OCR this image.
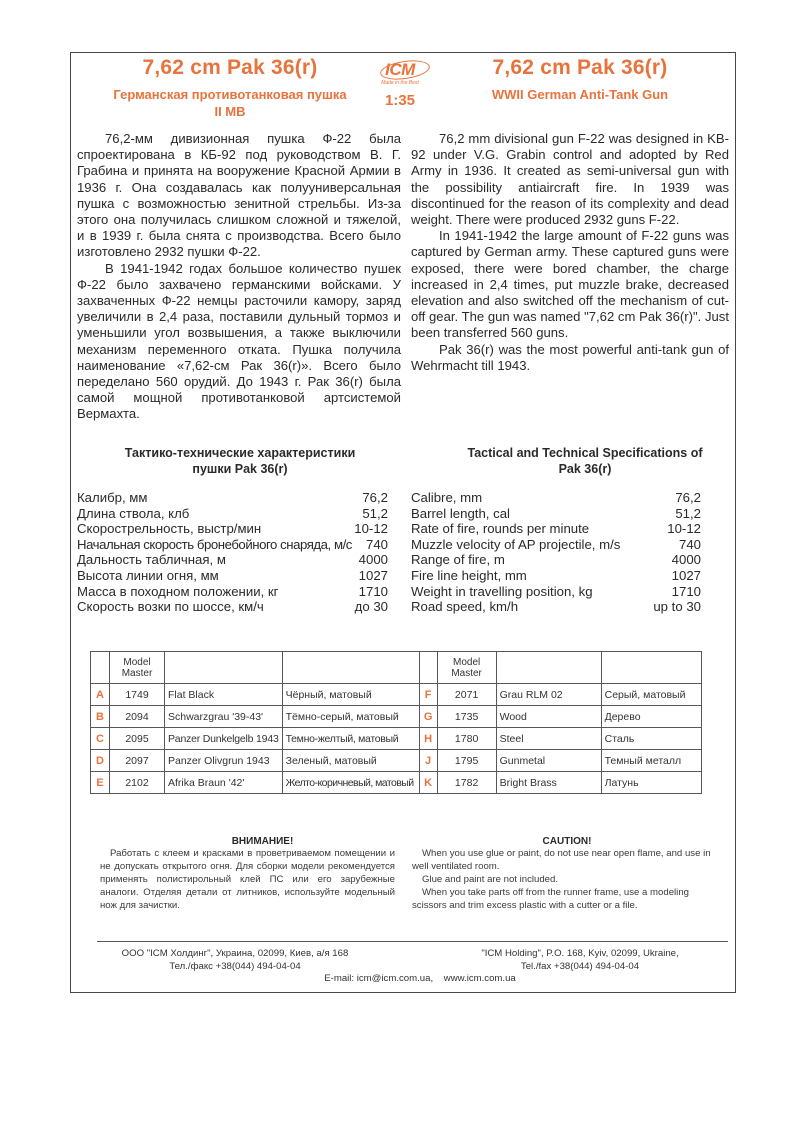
7,62 cm Pak 36(r)
Германская противотанковая пушка
II MB
ICM
Made in the Best
1:35
7,62 cm Pak 36(r)
WWII German Anti-Tank Gun

76,2-мм дивизионная пушка Ф-22 была спроектирована в КБ-92 под руководством В. Г. Грабина и принята на вооружение Красной Армии в 1936 г. Она создавалась как полууниверсальная пушка с возможностью зенитной стрельбы. Из-за этого она получилась слишком сложной и тяжелой, и в 1939 г. была снята с производства. Всего было изготовлено 2932 пушки Ф-22.

В 1941-1942 годах большое количество пушек Ф-22 было захвачено германскими войсками. У захваченных Ф-22 немцы расточили камору, заряд увеличили в 2,4 раза, поставили дульный тормоз и уменьшили угол возвышения, а также выключили механизм переменного отката. Пушка получила наименование «7,62-см Рак 36(r)». Всего было переделано 560 орудий. До 1943 г. Рак 36(r) была самой мощной противотанковой артсистемой Вермахта.

76,2 mm divisional gun F-22 was designed in KB-92 under V.G. Grabin control and adopted by Red Army in 1936. It created as semi-universal gun with the possibility antiaircraft fire. In 1939 was discontinued for the reason of its complexity and dead weight. There were produced 2932 guns F-22.

In 1941-1942 the large amount of F-22 guns was captured by German army. These captured guns were exposed, there were bored chamber, the charge increased in 2,4 times, put muzzle brake, decreased elevation and also switched off the mechanism of cut-off gear. The gun was named "7,62 cm Pak 36(r)". Just been transferred 560 guns.

Pak 36(r) was the most powerful anti-tank gun of Wehrmacht till 1943.

Тактико-технические характеристики
пушки Pak 36(r)
Калибр, мм	76,2
Длина ствола, клб	51,2
Скорострельность, выстр/мин	10-12
Начальная скорость бронебойного снаряда, м/с 740
Дальность табличная, м	4000
Высота линии огня, мм	1027
Масса в походном положении, кг	1710
Скорость возки по шоссе, км/ч	до 30
Tactical and Technical Specifications of
Pak 36(r)
Calibre, mm	76,2
Barrel length, cal	51,2
Rate of fire, rounds per minute	10-12
Muzzle velocity of AP projectile, m/s	740
Range of fire, m	4000
Fire line height, mm	1027
Weight in travelling position, kg	1710
Road speed, km/h	up to 30

Model
Master

Model
Master

A	1749	Flat Black	Чёрный, матовый	F	2071	Grau RLM 02	Серый, матовый
B	2094	Schwarzgrau '39-43'	Тёмно-серый, матовый	G	1735	Wood	Дерево
C	2095	Panzer Dunkelgelb 1943	Темно-желтый, матовый	H	1780	Steel	Сталь
D	2097	Panzer Olivgrun 1943	Зеленый, матовый	J	1795	Gunmetal	Темный металл
E	2102	Afrika Braun '42'	Желто-коричневый, матовый	K	1782	Bright Brass	Латунь
ВНИМАНИЕ!

Работать с клеем и красками в проветриваемом помещении и не допускать открытого огня. Для сборки модели рекомендуется применять полистирольный клей ПС или его зарубежные аналоги. Отделяя детали от литников, используйте модельный нож для зачистки.

CAUTION!

When you use glue or paint, do not use near open flame, and use in well ventilated room.

Glue and paint are not included.

When you take parts off from the runner frame, use a modeling scissors and trim excess plastic with a cutter or a file.

ООО "ICM Холдинг", Украина, 02099, Киев, а/я 168
Тел./факс +38(044) 494-04-04
"ICM Holding", P.O. 168, Kyiv, 02099, Ukraine,
Tel./fax +38(044) 494-04-04
E-mail: icm@icm.com.ua, www.icm.com.ua
